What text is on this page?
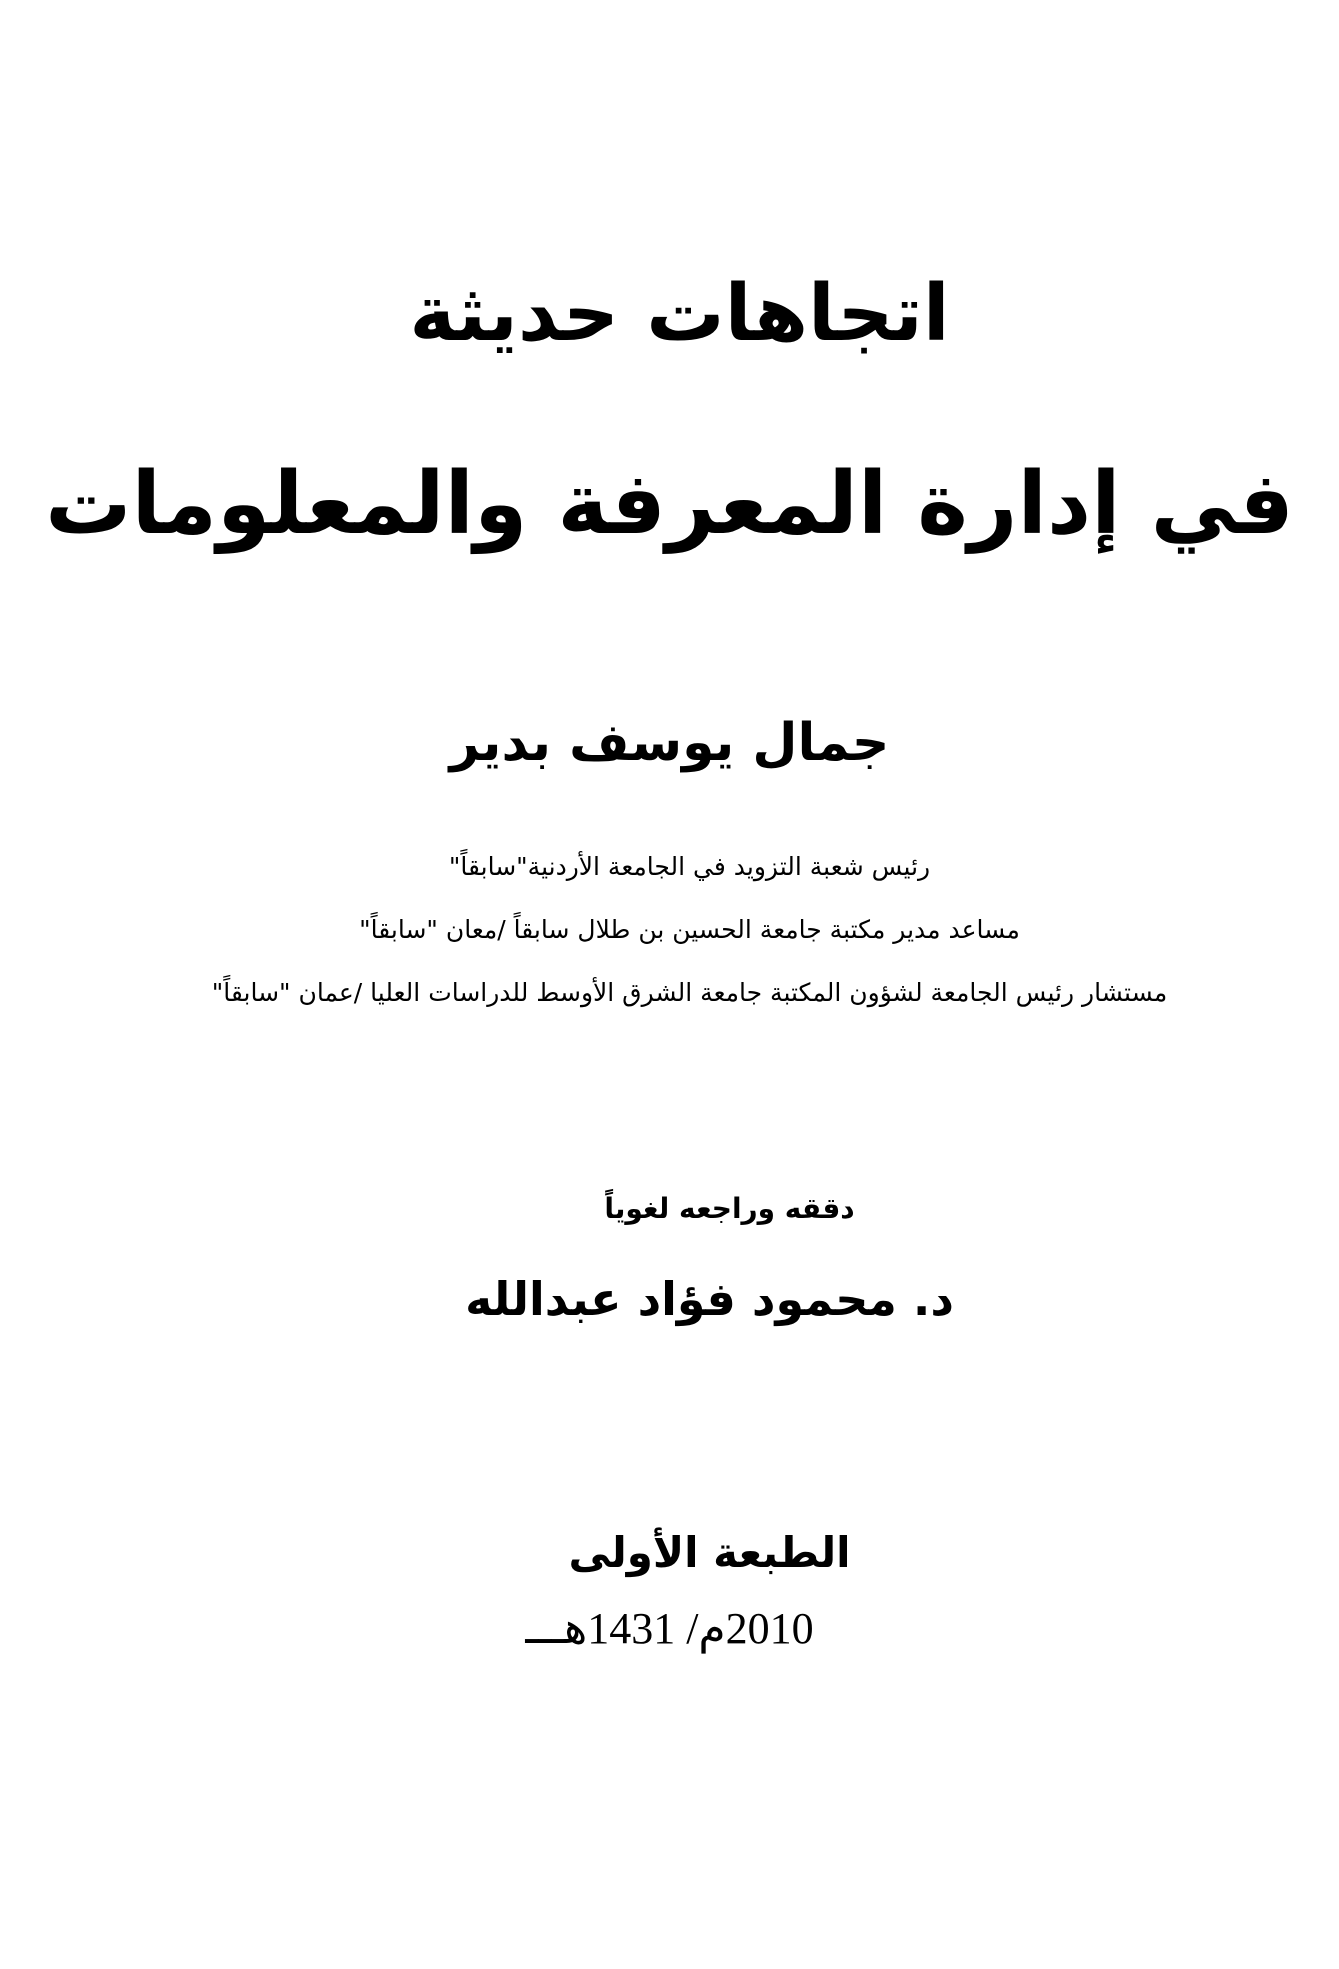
اتجاهات حديثة
في إدارة المعرفة والمعلومات
جمال يوسف بدير
رئيس شعبة التزويد في الجامعة الأردنية"سابقاً"
مساعد مدير مكتبة جامعة الحسين بن طلال سابقاً /معان "سابقاً"
مستشار رئيس الجامعة لشؤون المكتبة جامعة الشرق الأوسط للدراسات العليا /عمان "سابقاً"
دققه وراجعه لغوياً
د. محمود فؤاد عبدالله
الطبعة الأولى
2010م/ 1431هـــ
